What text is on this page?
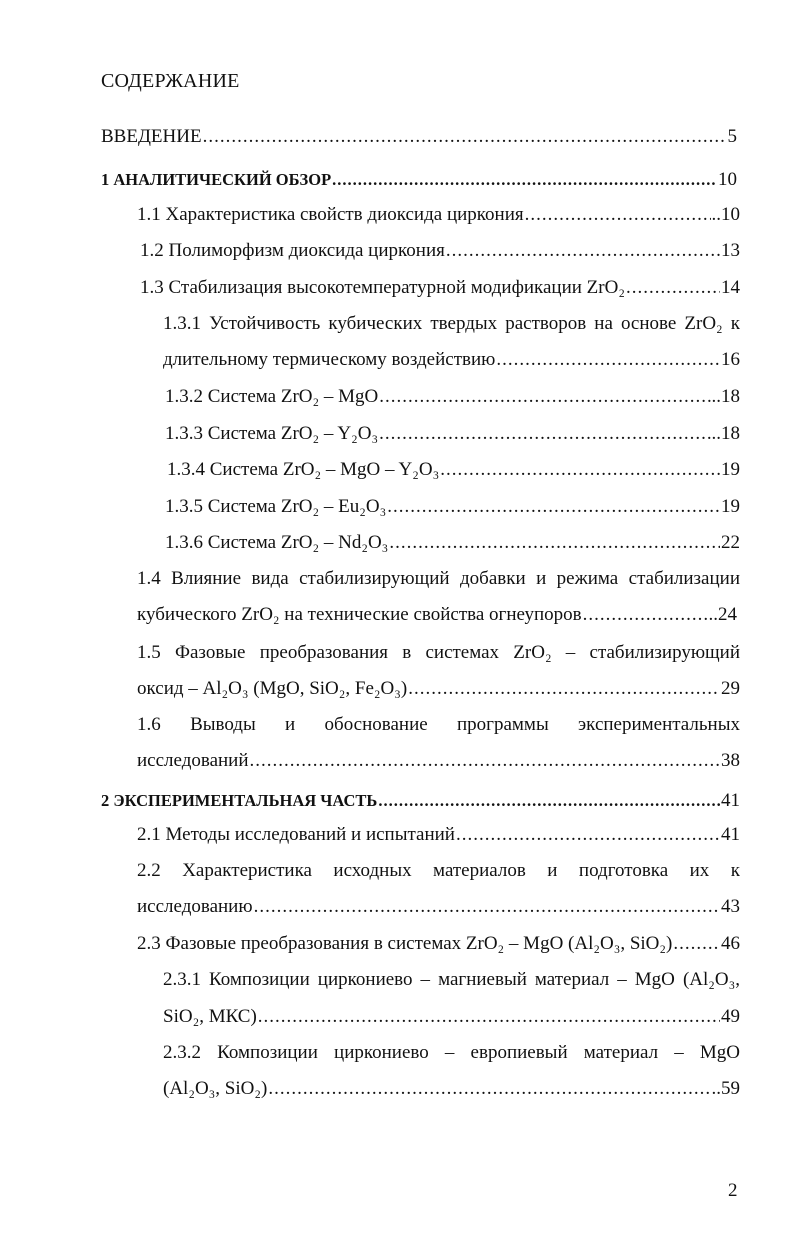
СОДЕРЖАНИЕ
ВВЕДЕНИЕ .....	5
1 АНАЛИТИЧЕСКИЙ ОБЗОР .....	10
1.1 Характеристика свойств диоксида циркония .....	..10
1.2 Полиморфизм диоксида циркония .....	13
1.3 Стабилизация высокотемпературной модификации ZrO₂ .....	14
1.3.1 Устойчивость кубических твердых растворов на основе ZrO₂ к
длительному термическому воздействию .....	16
1.3.2 Система ZrO₂ – MgO .....	..18
1.3.3 Система ZrO₂ – Y₂O₃ .....	..18
1.3.4 Система ZrO₂ – MgO – Y₂O₃ .....	19
1.3.5 Система ZrO₂ – Eu₂O₃ .....	19
1.3.6 Система ZrO₂ – Nd₂O₃ .....	22
1.4 Влияние вида стабилизирующий добавки и режима стабилизации
кубического ZrO₂ на технические свойства огнеупоров .....	..24
1.5 Фазовые преобразования в системах ZrO₂ – стабилизирующий
оксид – Al₂O₃ (MgO, SiO₂, Fe₂O₃) .....	29
1.6 Выводы и обоснование программы экспериментальных
исследований .....	38
2 ЭКСПЕРИМЕНТАЛЬНАЯ ЧАСТЬ .....	41
2.1 Методы исследований и испытаний .....	41
2.2 Характеристика исходных материалов и подготовка их к
исследованию .....	43
2.3 Фазовые преобразования в системах ZrO₂ – MgO (Al₂O₃, SiO₂) .....	46
2.3.1 Композиции циркониево – магниевый материал – MgO (Al₂O₃,
SiO₂, МКС) .....	49
2.3.2 Композиции циркониево – европиевый материал – MgO
(Al₂O₃, SiO₂) .....	..59
2
